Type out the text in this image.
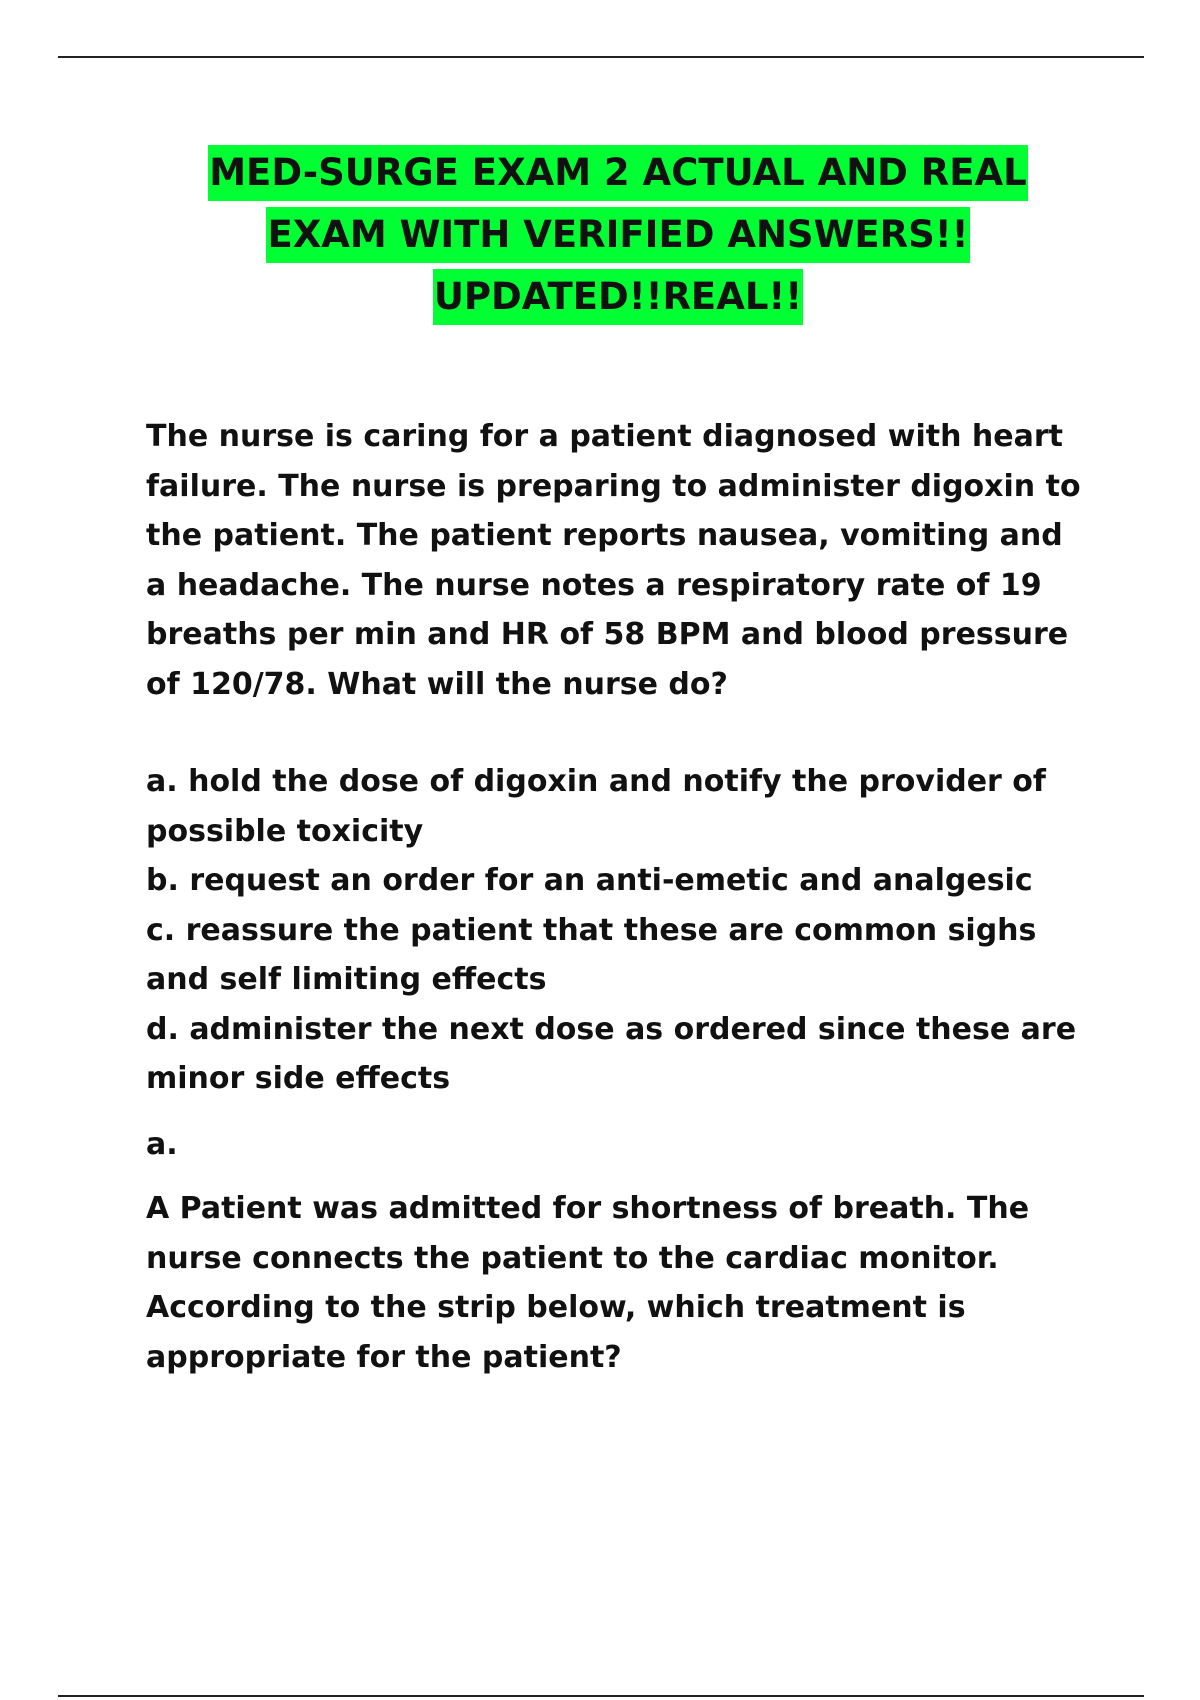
MED-SURGE EXAM 2 ACTUAL AND REAL
EXAM WITH VERIFIED ANSWERS!!
UPDATED!!REAL!!

The nurse is caring for a patient diagnosed with heart failure. The nurse is preparing to administer digoxin to the patient. The patient reports nausea, vomiting and a headache. The nurse notes a respiratory rate of 19 breaths per min and HR of 58 BPM and blood pressure of 120/78. What will the nurse do?

a. hold the dose of digoxin and notify the provider of possible toxicity

b. request an order for an anti-emetic and analgesic

c. reassure the patient that these are common sighs and self limiting effects

d. administer the next dose as ordered since these are minor side effects

a.

A Patient was admitted for shortness of breath. The nurse connects the patient to the cardiac monitor. According to the strip below, which treatment is appropriate for the patient?
